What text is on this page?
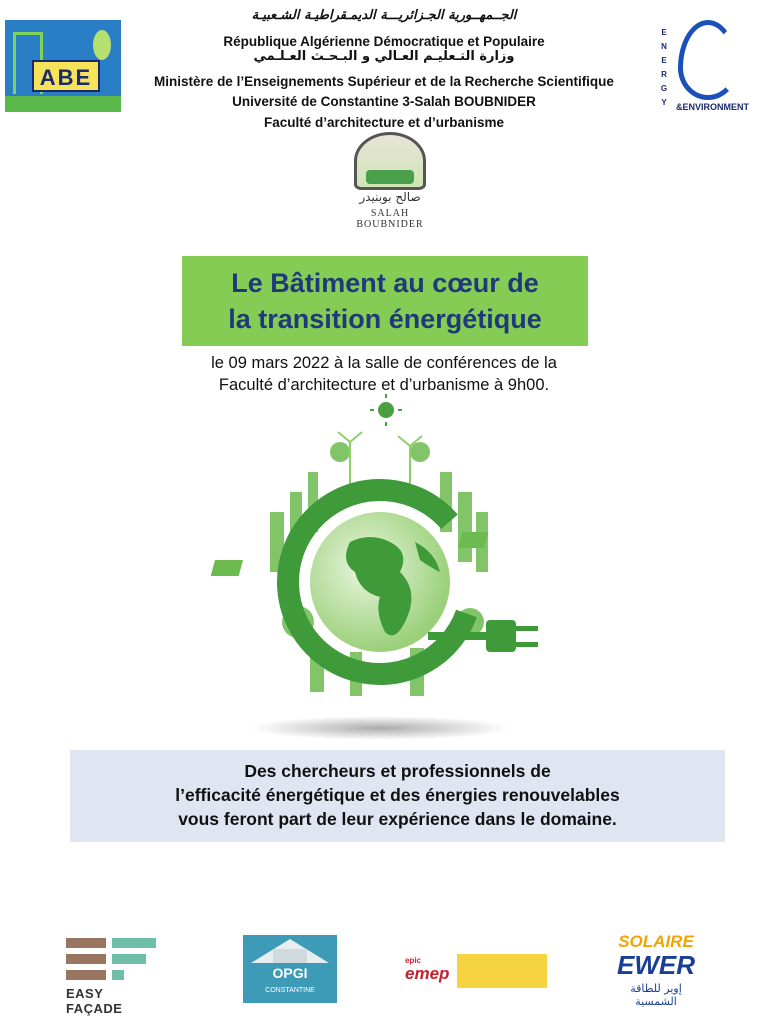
الجــمهــورية الجـزائريـــة الديمـقراطيـة الشـعبيـة
République Algérienne Démocratique et Populaire
وزارة التـعليـم العـالي و البـحـث العـلـمي
Ministère de l’Enseignements Supérieur et de la Recherche Scientifique
Université de Constantine 3-Salah BOUBNIDER
Faculté d’architecture et d’urbanisme
ABE
E
N
E
R
G
Y	&ENVIRONMENT
صالح بوبنيدر
SALAH BOUBNIDER
Le Bâtiment au cœur de
la transition énergétique
le 09 mars 2022 à la salle de conférences de la
Faculté d’architecture et d’urbanisme à 9h00.
Des chercheurs et professionnels de
l’efficacité énergétique et des énergies renouvelables
vous feront part de leur expérience dans le domaine.
EASY FAÇADE
OPGI
CONSTANTINE
epic
emep
SOLAIRE
EWER
إوير للطاقة الشمسية
